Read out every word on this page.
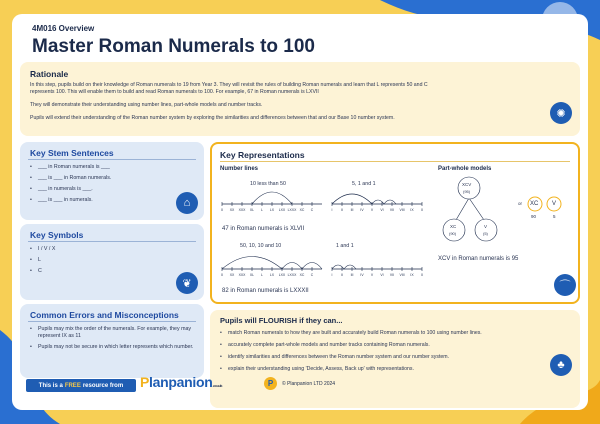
4M016 Overview
Master Roman Numerals to 100
Rationale

In this step, pupils build on their knowledge of Roman numerals to 19 from Year 3. They will revisit the rules of building Roman numerals and learn that L represents 50 and C

represents 100. This will enable them to build and read Roman numerals to 100. For example, 67 in Roman numerals is LXVII

They will demonstrate their understanding using number lines, part-whole models and number tracks.

Pupils will extend their understanding of the Roman number system by exploring the similarities and differences between that and our Base 10 number system.	✺
Key Stem Sentences
• ___ in Roman numerals is ___
• ___ is ___ in Roman numerals.
• ___ in numerals is ___.
• ___ is ___ in numerals.	⌂
Key Symbols
• I / V / X
• L
• C
❦
Common Errors and Misconceptions
• Pupils may mix the order of the numerals. For example, they may represent IX as 11
• Pupils may not be secure in which letter represents which number.
Key Representations
Number lines	Part-whole models
X XX XXX XL L LX LXX LXXX XC C	I	II III IV V VI VII VIII IX X
X XX XXX XL L LX LXX LXXX XC C	I	II III IV V VI VII VIII IX X
10 less than 50	5, 1 and 1
47 in Roman numerals is XLVII
50, 10, 10 and 10	1 and 1
82 in Roman numerals is LXXXII
XCV
(95)
XC
(90)
V
(5)
or XC V
90	5
XCV in Roman numerals is 95
⌒
Pupils will FLOURISH if they can...
• match Roman numerals to how they are built and accurately build Roman numerals to 100 using number lines.
• accurately complete part-whole models and number tracks containing Roman numerals.
• identify similarities and differences between the Roman number system and our number system.
• explain their understanding using 'Decide, Assess, Back up' with representations.	♣
This is a FREE resource from Planpanion.co.uk	P	© Planpanion LTD 2024
